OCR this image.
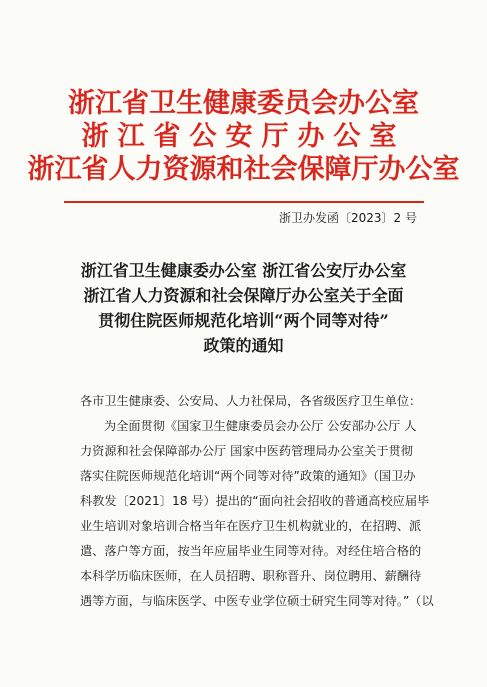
浙江省卫生健康委员会办公室
浙江省公安厅办公室
浙江省人力资源和社会保障厅办公室
浙卫办发函〔2023〕2 号
浙江省卫生健康委办公室 浙江省公安厅办公室
浙江省人力资源和社会保障厅办公室关于全面
贯彻住院医师规范化培训“两个同等对待”
政策的通知
各市卫生健康委、公安局、人力社保局，各省级医疗卫生单位：
为全面贯彻《国家卫生健康委员会办公厅 公安部办公厅 人
力资源和社会保障部办公厅 国家中医药管理局办公室关于贯彻
落实住院医师规范化培训“两个同等对待”政策的通知》（国卫办
科教发〔2021〕18 号）提出的“面向社会招收的普通高校应届毕
业生培训对象培训合格当年在医疗卫生机构就业的，在招聘、派
遣、落户等方面，按当年应届毕业生同等对待。对经住培合格的
本科学历临床医师，在人员招聘、职称晋升、岗位聘用、薪酬待
遇等方面，与临床医学、中医专业学位硕士研究生同等对待。”（以
